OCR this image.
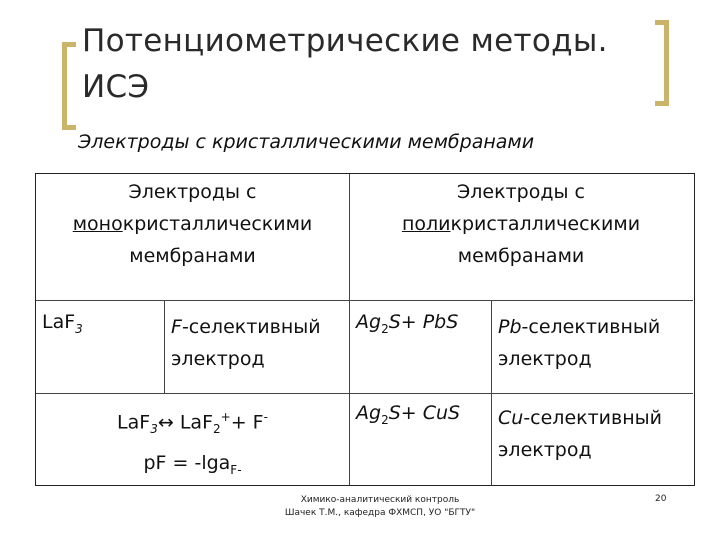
Потенциометрические методы.
ИСЭ
Электроды с кристаллическими мембранами
Электроды с
монокристаллическими
мембранами
Электроды с
поликристаллическими
мембранами
LaF$_3$	F-селективный
электрод
$Ag_2S+$ PbS Pb-селективный
электрод
LaF$_3$↔ LaF$_2$++ F-
pF = -lga$_{F-}$
$Ag_2S+$ CuS Cu-селективный
электрод
Химико-аналитический контроль
Шачек Т.М., кафедра ФХМСП, УО "БГТУ"
20
